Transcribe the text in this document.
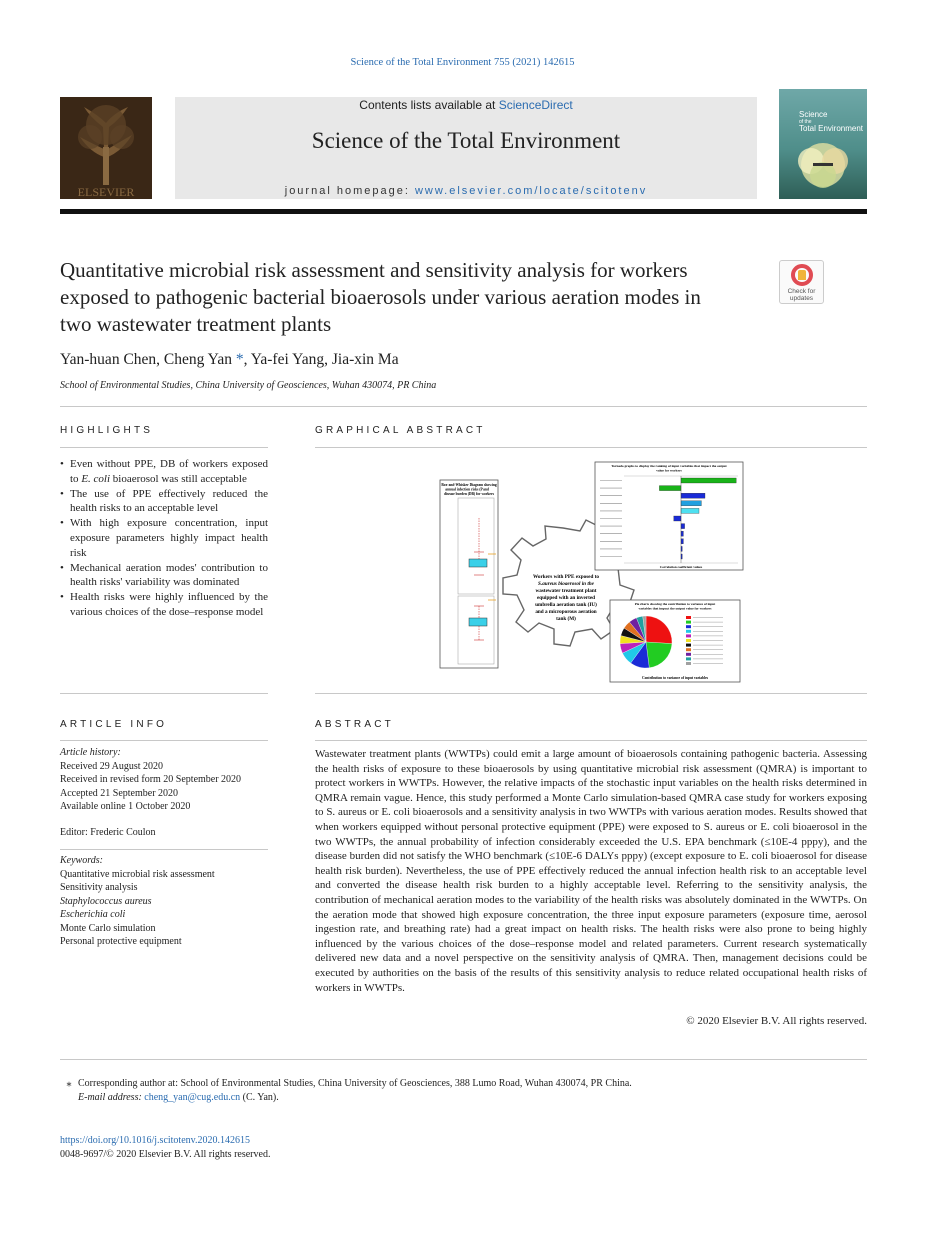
Science of the Total Environment 755 (2021) 142615
ELSEVIER
Contents lists available at ScienceDirect
Science of the Total Environment
journal homepage: www.elsevier.com/locate/scitotenv
Science
of the
Total Environment
Quantitative microbial risk assessment and sensitivity analysis for workers exposed to pathogenic bacterial bioaerosols under various aeration modes in two wastewater treatment plants
Check for
updates
Yan-huan Chen, Cheng Yan *, Ya-fei Yang, Jia-xin Ma
School of Environmental Studies, China University of Geosciences, Wuhan 430074, PR China
HIGHLIGHTS
• Even without PPE, DB of workers exposed to E. coli bioaerosol was still acceptable
• The use of PPE effectively reduced the health risks to an acceptable level
• With high exposure concentration, input exposure parameters highly impact health risk
• Mechanical aeration modes' contribution to health risks' variability was dominated
• Health risks were highly influenced by the various choices of the dose–response model
GRAPHICAL ABSTRACT
Box-and-Whisker Diagram showing
annual infection risks (P and
disease burden (DB) for workers
Workers with PPE exposed to
S.aureus bioaerosol in the
wastewater treatment plant
equipped with an inverted
umbrella aeration tank (IU)
and a microporous aeration
tank (M)
Tornado graphs to display the ranking of input variables that impact the output
value for workers
Correlation coefficient values
Pie charts showing the contribution to variance of input
variables that impact the output value for workers
Contribution to variance of input variables
ARTICLE INFO
Article history:
Received 29 August 2020
Received in revised form 20 September 2020
Accepted 21 September 2020
Available online 1 October 2020
Editor: Frederic Coulon
Keywords:
Quantitative microbial risk assessment
Sensitivity analysis
Staphylococcus aureus
Escherichia coli
Monte Carlo simulation
Personal protective equipment
ABSTRACT
Wastewater treatment plants (WWTPs) could emit a large amount of bioaerosols containing pathogenic bacteria. Assessing the health risks of exposure to these bioaerosols by using quantitative microbial risk assessment (QMRA) is important to protect workers in WWTPs. However, the relative impacts of the stochastic input variables on the health risks determined in QMRA remain vague. Hence, this study performed a Monte Carlo simulation-based QMRA case study for workers exposing to S. aureus or E. coli bioaerosols and a sensitivity analysis in two WWTPs with various aeration modes. Results showed that when workers equipped without personal protective equipment (PPE) were exposed to S. aureus or E. coli bioaerosol in the two WWTPs, the annual probability of infection considerably exceeded the U.S. EPA benchmark (≤10E-4 pppy), and the disease burden did not satisfy the WHO benchmark (≤10E-6 DALYs pppy) (except exposure to E. coli bioaerosol for disease health risk burden). Nevertheless, the use of PPE effectively reduced the annual infection health risk to an acceptable level and converted the disease health risk burden to a highly acceptable level. Referring to the sensitivity analysis, the contribution of mechanical aeration modes to the variability of the health risks was absolutely dominated in the WWTPs. On the aeration mode that showed high exposure concentration, the three input exposure parameters (exposure time, aerosol ingestion rate, and breathing rate) had a great impact on health risks. The health risks were also prone to being highly influenced by the various choices of the dose–response model and related parameters. Current research systematically delivered new data and a novel perspective on the sensitivity analysis of QMRA. Then, management decisions could be executed by authorities on the basis of the results of this sensitivity analysis to reduce related occupational health risks of workers in WWTPs.
© 2020 Elsevier B.V. All rights reserved.
⁎ Corresponding author at: School of Environmental Studies, China University of Geosciences, 388 Lumo Road, Wuhan 430074, PR China.
E-mail address: cheng_yan@cug.edu.cn (C. Yan).
https://doi.org/10.1016/j.scitotenv.2020.142615
0048-9697/© 2020 Elsevier B.V. All rights reserved.
